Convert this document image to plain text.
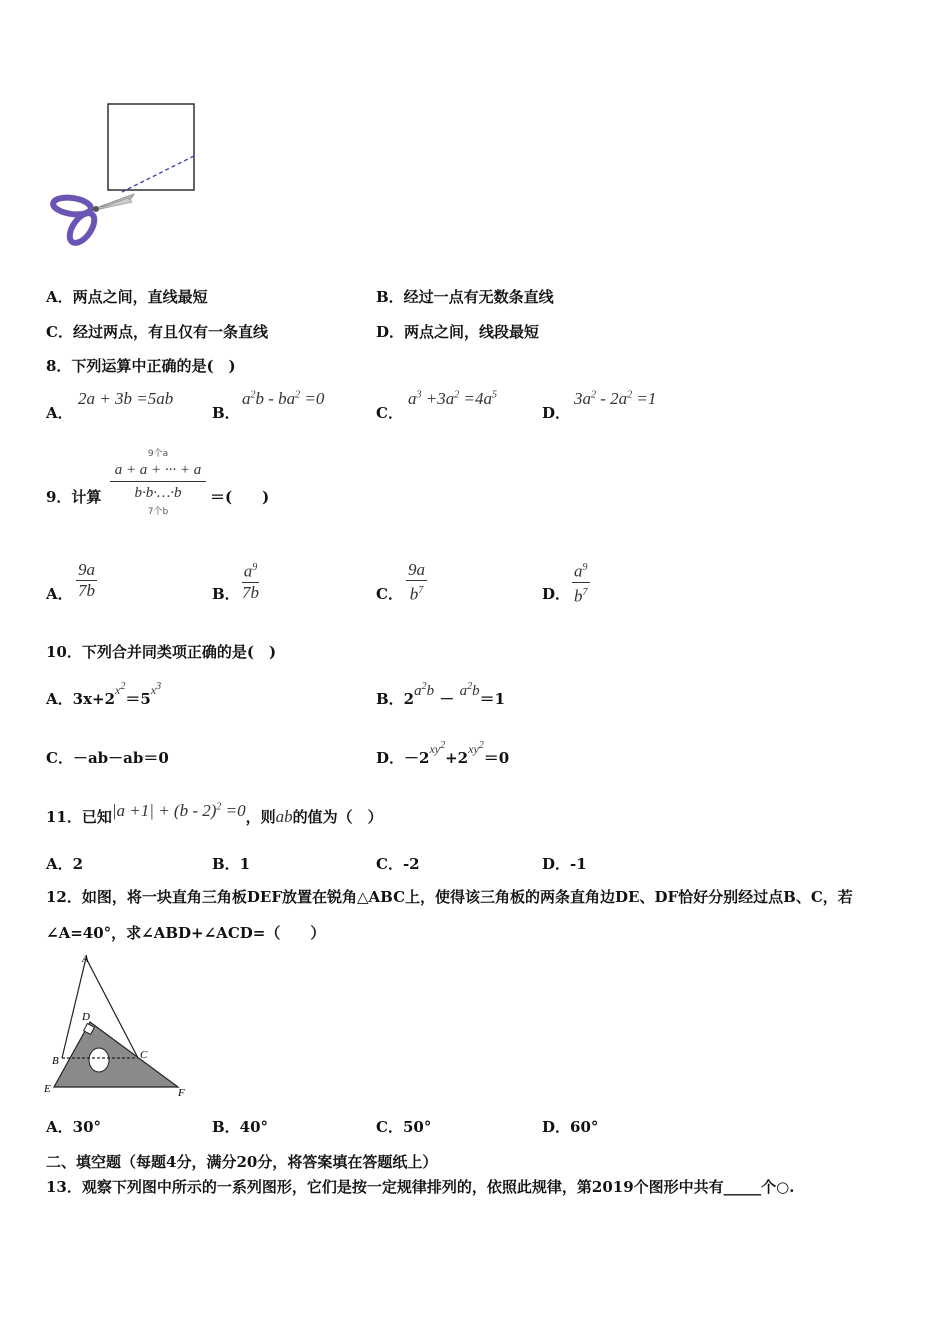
A．两点之间，直线最短	B．经过一点有无数条直线
C．经过两点，有且仅有一条直线	D．两点之间，线段最短
8．下列运算中正确的是(　)
A．
2a + 3b =5ab
B．
$a^2b - ba^2 =0$
C．
$a^3 +3a^2 =4a^5$
D．
$3a^2 - 2a^2 =1$
9．计算
9个a
a + a + ··· + a
b·b·…·b
7个b
＝(　　)
A． $\frac{9a}{7b}$	B． $\frac{a^9}{7b}$	C． $\frac{9a}{b^7}$	D． $\frac{a^9}{b^7}$
10．下列合并同类项正确的是(　)
A．$3x+2^{x^2}=5^{x^3}$
B．$2a^2b - a^2b=1$
C．－ab－ab＝0	D．$-2^{xy^2}+2^{xy^2}=0$
11．已知|a +1| + (b - 2)$^2$ =0，则ab的值为（　）
A．2	B．1	C．-2	D．-1
12．如图，将一块直角三角板DEF放置在锐角△ABC上，使得该三角板的两条直角边DE、DF恰好分别经过点B、C，若
∠A=40°，求∠ABD+∠ACD=（　　）
A
B	C
D
E	F
A．30°	B．40°	C．50°	D．60°
二、填空题（每题4分，满分20分，将答案填在答题纸上）
13．观察下列图中所示的一系列图形，它们是按一定规律排列的，依照此规律，第2019个图形中共有_____个○.
